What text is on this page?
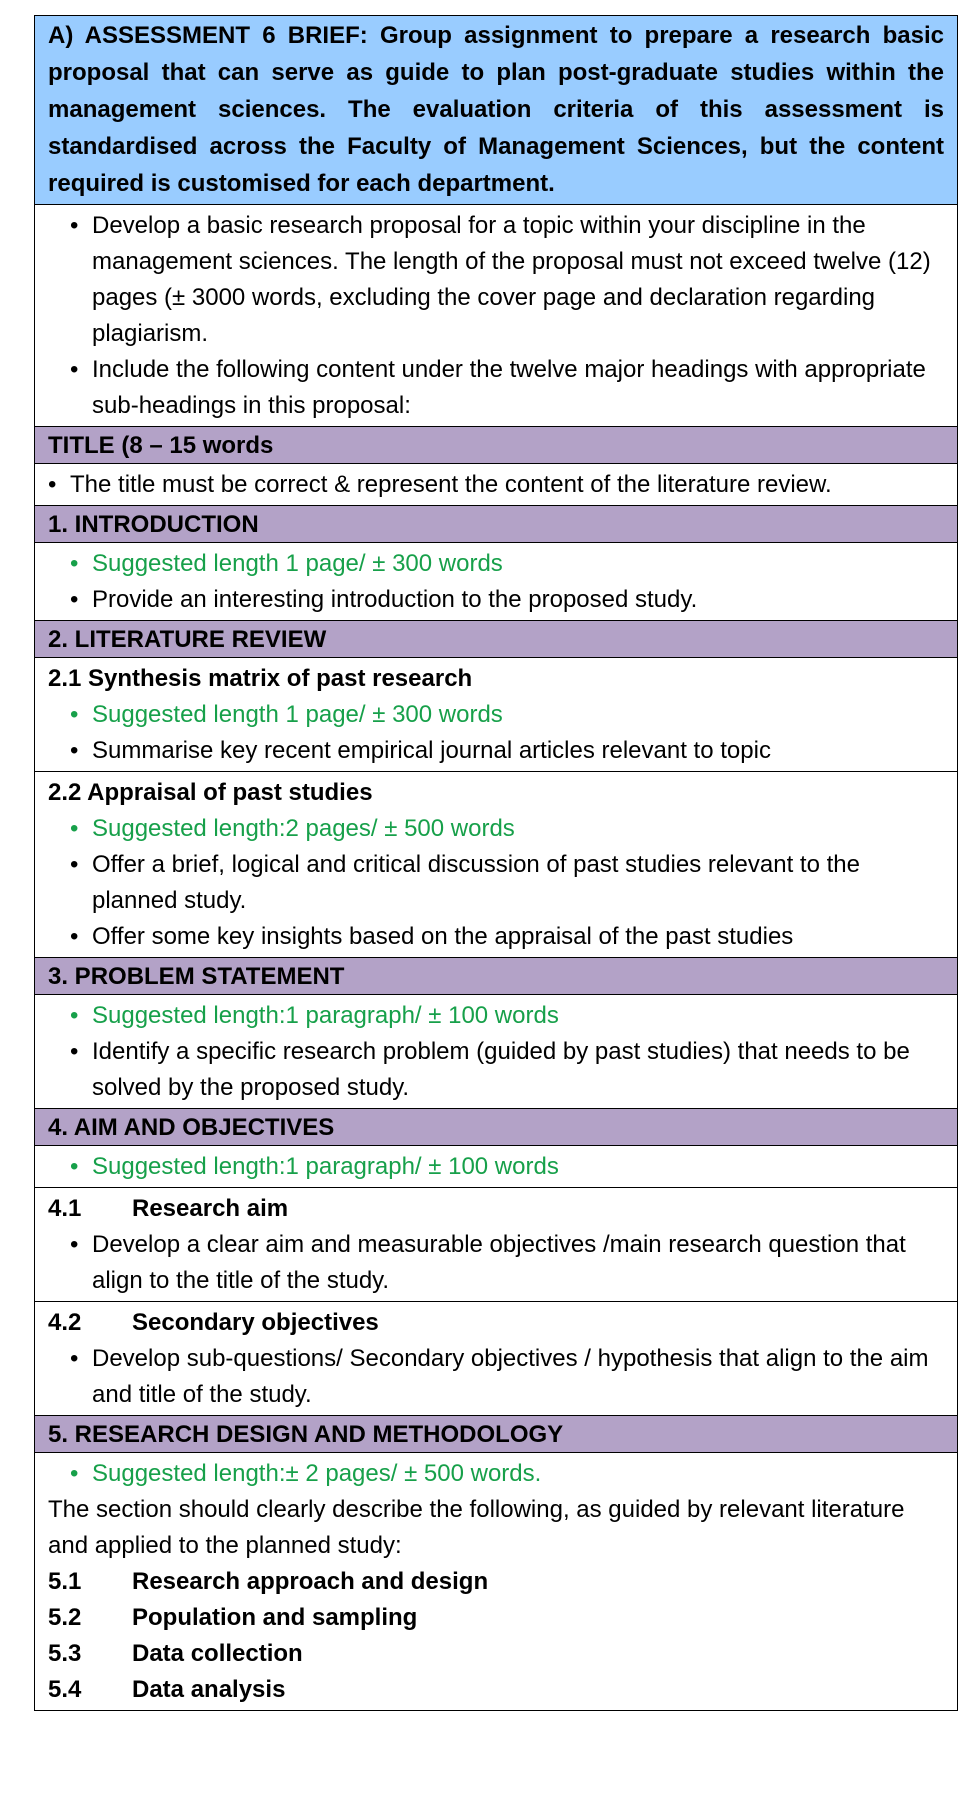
A) ASSESSMENT 6 BRIEF: Group assignment to prepare a research basic proposal that can serve as guide to plan post-graduate studies within the management sciences. The evaluation criteria of this assessment is standardised across the Faculty of Management Sciences, but the content required is customised for each department.
• Develop a basic research proposal for a topic within your discipline in the management sciences. The length of the proposal must not exceed twelve (12) pages (± 3000 words, excluding the cover page and declaration regarding plagiarism.
• Include the following content under the twelve major headings with appropriate sub-headings in this proposal:
TITLE (8 – 15 words
• The title must be correct & represent the content of the literature review.
1. INTRODUCTION
• Suggested length 1 page/ ± 300 words
• Provide an interesting introduction to the proposed study.
2. LITERATURE REVIEW
2.1 Synthesis matrix of past research
• Suggested length 1 page/ ± 300 words
• Summarise key recent empirical journal articles relevant to topic
2.2 Appraisal of past studies
• Suggested length:2 pages/ ± 500 words
• Offer a brief, logical and critical discussion of past studies relevant to the planned study.
• Offer some key insights based on the appraisal of the past studies
3. PROBLEM STATEMENT
• Suggested length:1 paragraph/ ± 100 words
• Identify a specific research problem (guided by past studies) that needs to be solved by the proposed study.
4. AIM AND OBJECTIVES
• Suggested length:1 paragraph/ ± 100 words
4.1 Research aim
• Develop a clear aim and measurable objectives /main research question that align to the title of the study.
4.2 Secondary objectives
• Develop sub-questions/ Secondary objectives / hypothesis that align to the aim and title of the study.
5. RESEARCH DESIGN AND METHODOLOGY
• Suggested length:± 2 pages/ ± 500 words.
The section should clearly describe the following, as guided by relevant literature and applied to the planned study:
5.1 Research approach and design
5.2 Population and sampling
5.3 Data collection
5.4 Data analysis
